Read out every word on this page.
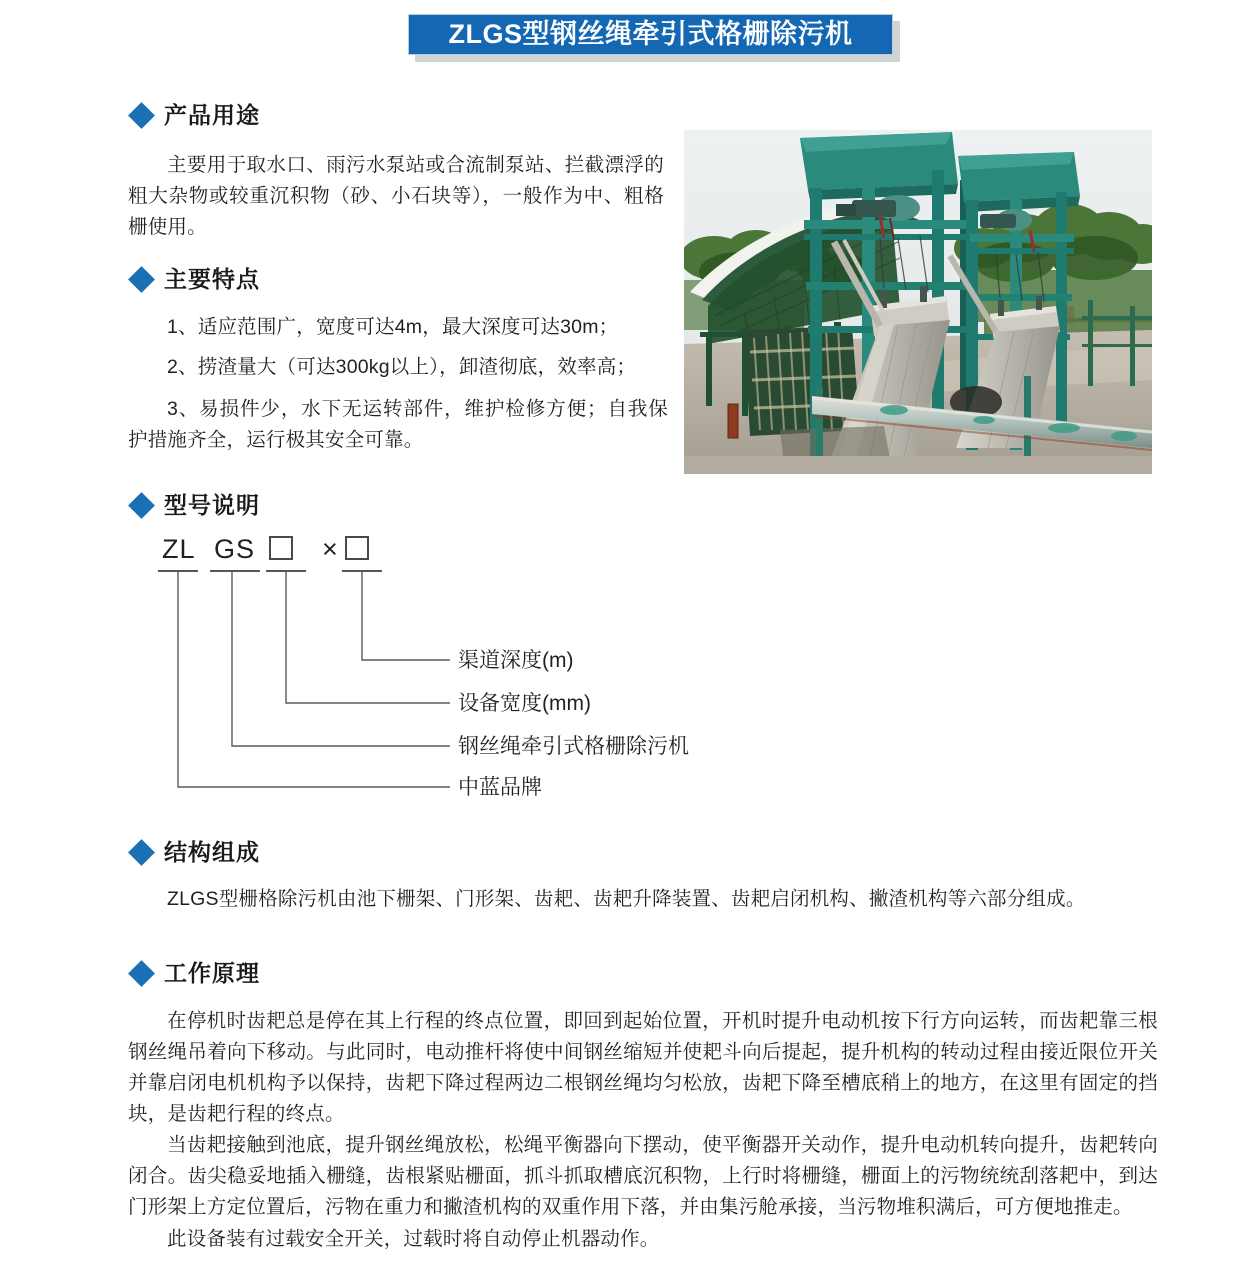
ZLGS型钢丝绳牵引式格栅除污机
产品用途
主要用于取水口、雨污水泵站或合流制泵站、拦截漂浮的粗大杂物或较重沉积物（砂、小石块等），一般作为中、粗格栅使用。
主要特点
1、适应范围广，宽度可达4m，最大深度可达30m；
2、捞渣量大（可达300kg以上），卸渣彻底，效率高；
3、易损件少，水下无运转部件，维护检修方便；自我保护措施齐全，运行极其安全可靠。
型号说明
ZL GS ×
渠道深度(m)
设备宽度(mm)
钢丝绳牵引式格栅除污机
中蓝品牌
结构组成
ZLGS型栅格除污机由池下栅架、门形架、齿耙、齿耙升降装置、齿耙启闭机构、撇渣机构等六部分组成。
工作原理
在停机时齿耙总是停在其上行程的终点位置，即回到起始位置，开机时提升电动机按下行方向运转，而齿耙靠三根钢丝绳吊着向下移动。与此同时，电动推杆将使中间钢丝缩短并使耙斗向后提起，提升机构的转动过程由接近限位开关并靠启闭电机机构予以保持，齿耙下降过程两边二根钢丝绳均匀松放，齿耙下降至槽底稍上的地方，在这里有固定的挡块，是齿耙行程的终点。
当齿耙接触到池底，提升钢丝绳放松，松绳平衡器向下摆动，使平衡器开关动作，提升电动机转向提升，齿耙转向闭合。齿尖稳妥地插入栅缝，齿根紧贴栅面，抓斗抓取槽底沉积物，上行时将栅缝，栅面上的污物统统刮落耙中，到达门形架上方定位置后，污物在重力和撇渣机构的双重作用下落，并由集污舱承接，当污物堆积满后，可方便地推走。
此设备装有过载安全开关，过载时将自动停止机器动作。
